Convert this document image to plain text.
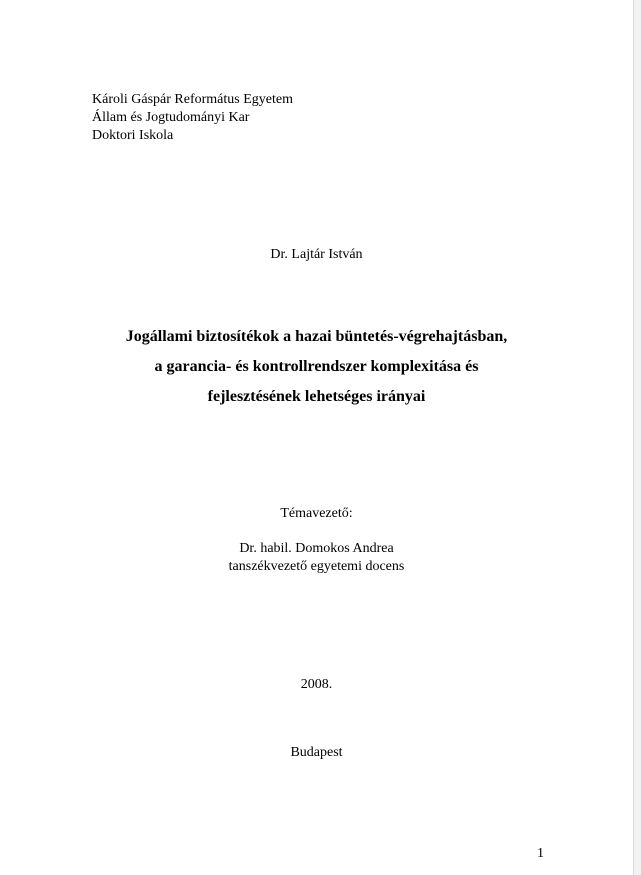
Károli Gáspár Református Egyetem
Állam és Jogtudományi Kar
Doktori Iskola
Dr. Lajtár István
Jogállami biztosítékok a hazai büntetés-végrehajtásban,
a garancia- és kontrollrendszer komplexitása és
fejlesztésének lehetséges irányai
Témavezető:
Dr. habil. Domokos Andrea
tanszékvezető egyetemi docens
2008.
Budapest
1
